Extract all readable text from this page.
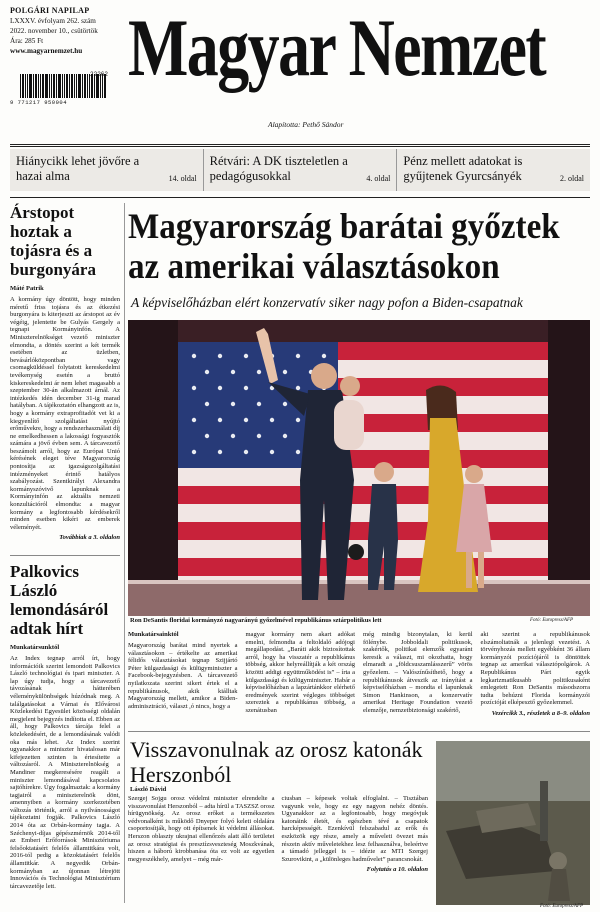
POLGÁRI NAPILAP
LXXXV. évfolyam 262. szám
2022. november 10., csütörtök
Ára: 285 Ft
www.magyarnemzet.hu
22262
9 771217 950004
Magyar Nemzet
Alapította: Pethő Sándor
Hiánycikk lehet jövőre a hazai alma	14. oldal
Rétvári: A DK tiszteletlen a pedagógusokkal	4. oldal
Pénz mellett adatokat is gyűjtenek Gyurcsányék	2. oldal
Árstopot hoztak a tojásra és a burgonyára
Máté Patrik

A kormány úgy döntött, hogy minden méretű friss tojásra és az étkezési burgonyára is kiterjeszti az árstopot az év végéig, jelentette be Gulyás Gergely a tegnapi Kormányinfón. A Miniszterelnökséget vezető miniszter elmondta, a döntés szerint a két termék esetében az üzletben, bevásárlóközpontban vagy csomagküldéssel folytatott kereskedelmi tevékenység esetén a bruttó kiskereskedelmi ár nem lehet magasabb a szeptember 30-án alkalmazott árnál. Az intézkedés idén december 31-ig marad hatályban. A tájékoztatón elhangzott az is, hogy a kormány extraprofitadót vet ki a kiegyenlítő szolgáltatást nyújtó erőművekre, hogy a rendszerhasználati díj ne emelkedhessen a lakossági fogyasztók számára a jövő évben sem. A tárcavezető beszámolt arról, hogy az Európai Unió kérésének eleget téve Magyarország pontosítja az igazságszolgáltatási intézményeket érintő hatályos szabályozást. Szentkirályi Alexandra kormányszóvivő lapunknak a Kormányinfón az aktuális nemzeti konzultációról elmondta: a magyar kormány a legfontosabb kérdésekről minden esetben kikéri az emberek véleményét.

Továbbiak a 3. oldalon
Palkovics László lemondásáról adtak hírt
Munkatársunktól

Az Index tegnap arról írt, hogy információik szerint lemondott Palkovics László technológiai és ipari miniszter. A lap úgy tudja, hogy a tárcavezető távozásának hátterében véleménykülönbségek húzódnak meg. A találgatásokat a Várnai és Elővárosi Közlekedési Egyesület közösségi oldalán megjelent bejegyzés indította el. Ebben az áll, hogy Palkovics tárcája felel a közlekedésért, de a lemondásának valódi oka más lehet. Az Index szerint ugyanakkor a miniszter hivatalosan már kifejezetten szinten is értesítette a változásról. A Miniszterelnökség a Mandiner megkeresésére reagált a miniszter lemondásával kapcsolatos sajtóhírekre. Úgy fogalmaztak: a kormány tagjairól a miniszterelnök dönt, amennyiben a kormány szerkezetében változás történik, arról a nyilvánosságot tájékoztatni fogják. Palkovics László 2014 óta az Orbán-kormány tagja. A Széchenyi-díjas gépészmérnök 2014-től az Emberi Erőforrások Minisztériuma felsőoktatásért felelős államtitkára volt, 2016-tól pedig a közoktatásért felelős államtitkár. A negyedik Orbán-kormányban az újonnan létrejött Innovációs és Technológiai Minisztérium tárcavezetője lett.

Magyarország barátai győztek
az amerikai választásokon
A képviselőházban elért konzervatív siker nagy pofon a Biden-csapatnak
Ron DeSantis floridai kormányzó nagyarányú győzelmével republikánus sztárpolitikus lett	Fotó: Europress/AFP
Munkatársainktól

Magyarország barátai mind nyertek a választásokon – értékelte az amerikai félidős választásokat tegnap Szijjártó Péter külgazdasági és külügyminiszter a Facebook-bejegyzésben. A tárcavezető nyilatkozata szerint sikert értek el a republikánusok, akik kiálltak Magyarország mellett, amikor a Biden-adminisztráció, választ ,ó nincs, hogy a

magyar kormány nem akart adókat emelni, felmondta a feltoldaló adójogi megállapodást. „Baráti akik biztosítottak arról, hogy ha visszatér a republikánus többség, akkor helyreállítják a két ország közötti addigi együttműködést is” – írta a külgazdasági és külügyminiszter. Habár a képviselőházban a lapzártánkkor elérhető eredmények szerint végleges többséget szereztek a republikánus többség, a szenátusban

még mindig bizonytalan, ki kerül fölénybe. Jobboldali politikusok, szakértők, politikai elemzők egyaránt keresik a választ, mi okozhatta, hogy elmaradt a „földcsuszamlásszerű” vörös győzelem. – Valószínűsíthető, hogy a republikánusok átveszik az irányítást a képviselőházban – mondta el lapunknak Simon Hankinson, a konzervatív amerikai Heritage Foundation vezető elemzője, nemzetbiztonsági szakértő,

aki szerint a republikánusok elszámoltatnák a jelenlegi vezetést. A törvényhozás mellett egyébként 36 állam kormányzói pozíciójáról is döntöttek tegnap az amerikai választópolgárok. A Republikánus Párt egyik legkarizmatikusabb politikusaként emlegetett Ron DeSantis másodszorra tudta behúzni Florida kormányzói pozícióját elképesztő győzelemmel.

Vezércikk 3., részletek a 8–9. oldalon
Visszavonulnak az orosz katonák Herszonból
László Dávid

Szergej Sojgu orosz védelmi miniszter elrendelte a visszavonulást Herszonból – adta hírül a TASZSZ orosz hírügynökség. Az orosz erőket a termékszetes védvonalként is működő Dnyeper folyó keleti oldalára csoportosítják, hogy ott építsenek ki védelmi állásokat. Herszon oblaszty ukrajnai ellenőrzés alatt álló területei az orosz stratégiai és presztízsveszteség Moszkvának, hiszen a háború kirobbanása óta ez volt az egyetlen megyeszékhely, amelyet – még már-

ciusban – képesek voltak elfoglalni. – Tisztában vagyunk vele, hogy ez egy nagyon nehéz döntés. Ugyanakkor az a legfontosabb, hogy megóvjuk katonáink életét, és egészben tévé a csapatok harcképességét. Ezenkívül felszabadul az erők és eszközök egy része, amely a műveleti övezet más részein aktív műveletekhez lesz felhasználva, beleértve a támadó jelleggel is – idézte az MTI Szergej Szurovikint, a „különleges hadművelet” parancsnokát.

Folytatás a 10. oldalon
Fotó: Europress/AFP
